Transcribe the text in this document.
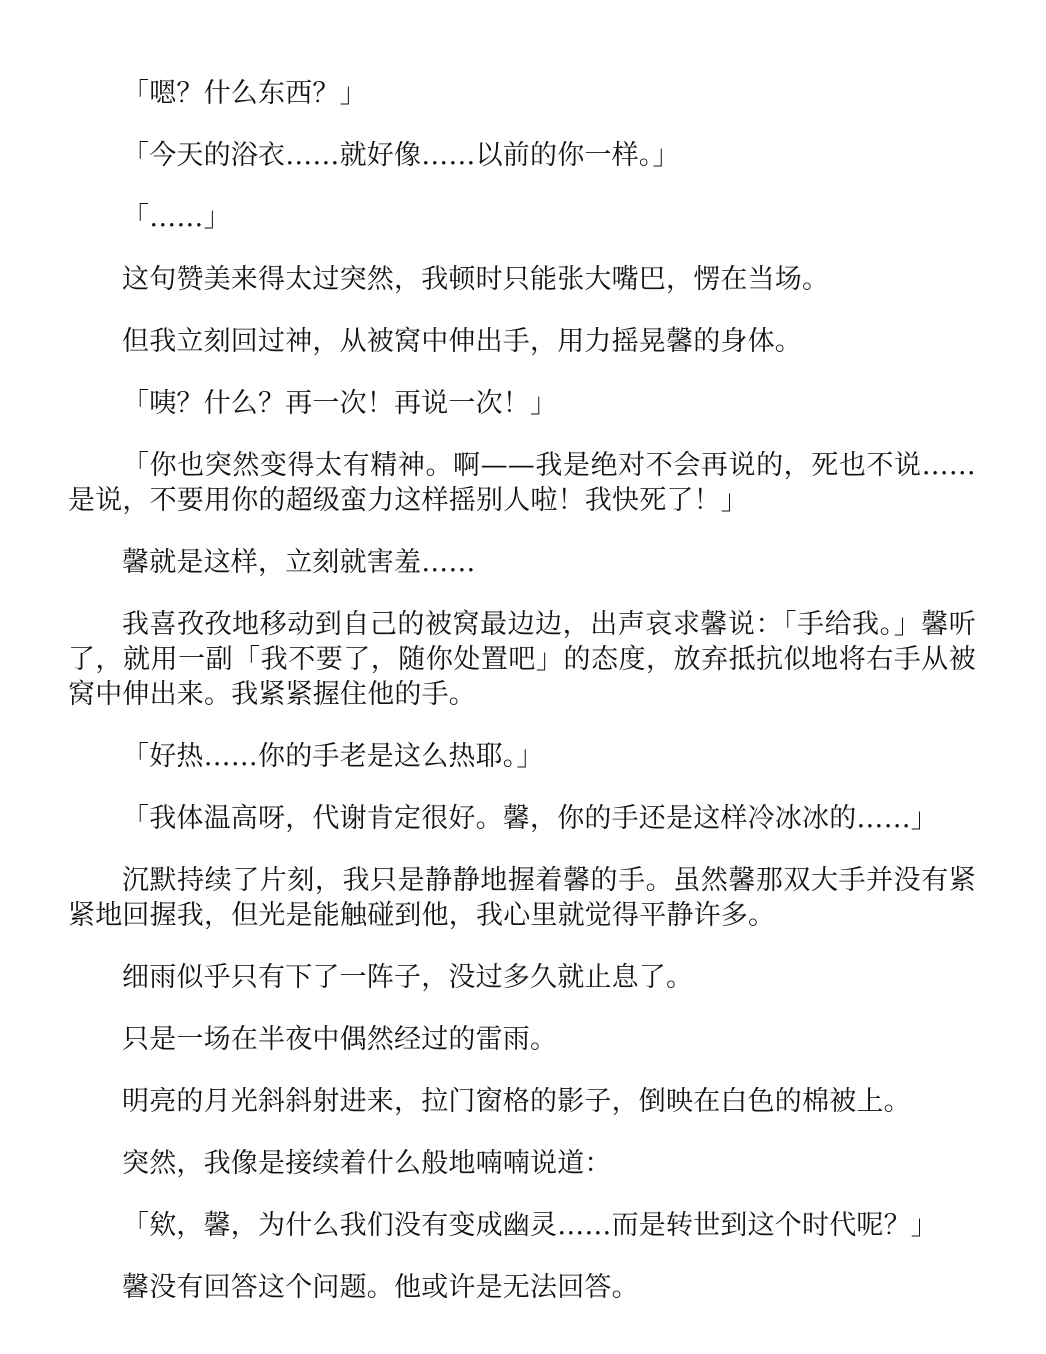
「嗯？什么东西？」

「今天的浴衣……就好像……以前的你一样。」

「……」

这句赞美来得太过突然，我顿时只能张大嘴巴，愣在当场。

但我立刻回过神，从被窝中伸出手，用力摇晃馨的身体。

「咦？什么？再一次！再说一次！」

「你也突然变得太有精神。啊——我是绝对不会再说的，死也不说……是说，不要用你的超级蛮力这样摇别人啦！我快死了！」

馨就是这样，立刻就害羞……

我喜孜孜地移动到自己的被窝最边边，出声哀求馨说：「手给我。」馨听了，就用一副「我不要了，随你处置吧」的态度，放弃抵抗似地将右手从被窝中伸出来。我紧紧握住他的手。

「好热……你的手老是这么热耶。」

「我体温高呀，代谢肯定很好。馨，你的手还是这样冷冰冰的……」

沉默持续了片刻，我只是静静地握着馨的手。虽然馨那双大手并没有紧紧地回握我，但光是能触碰到他，我心里就觉得平静许多。

细雨似乎只有下了一阵子，没过多久就止息了。

只是一场在半夜中偶然经过的雷雨。

明亮的月光斜斜射进来，拉门窗格的影子，倒映在白色的棉被上。

突然，我像是接续着什么般地喃喃说道：

「欸，馨，为什么我们没有变成幽灵……而是转世到这个时代呢？」

馨没有回答这个问题。他或许是无法回答。
